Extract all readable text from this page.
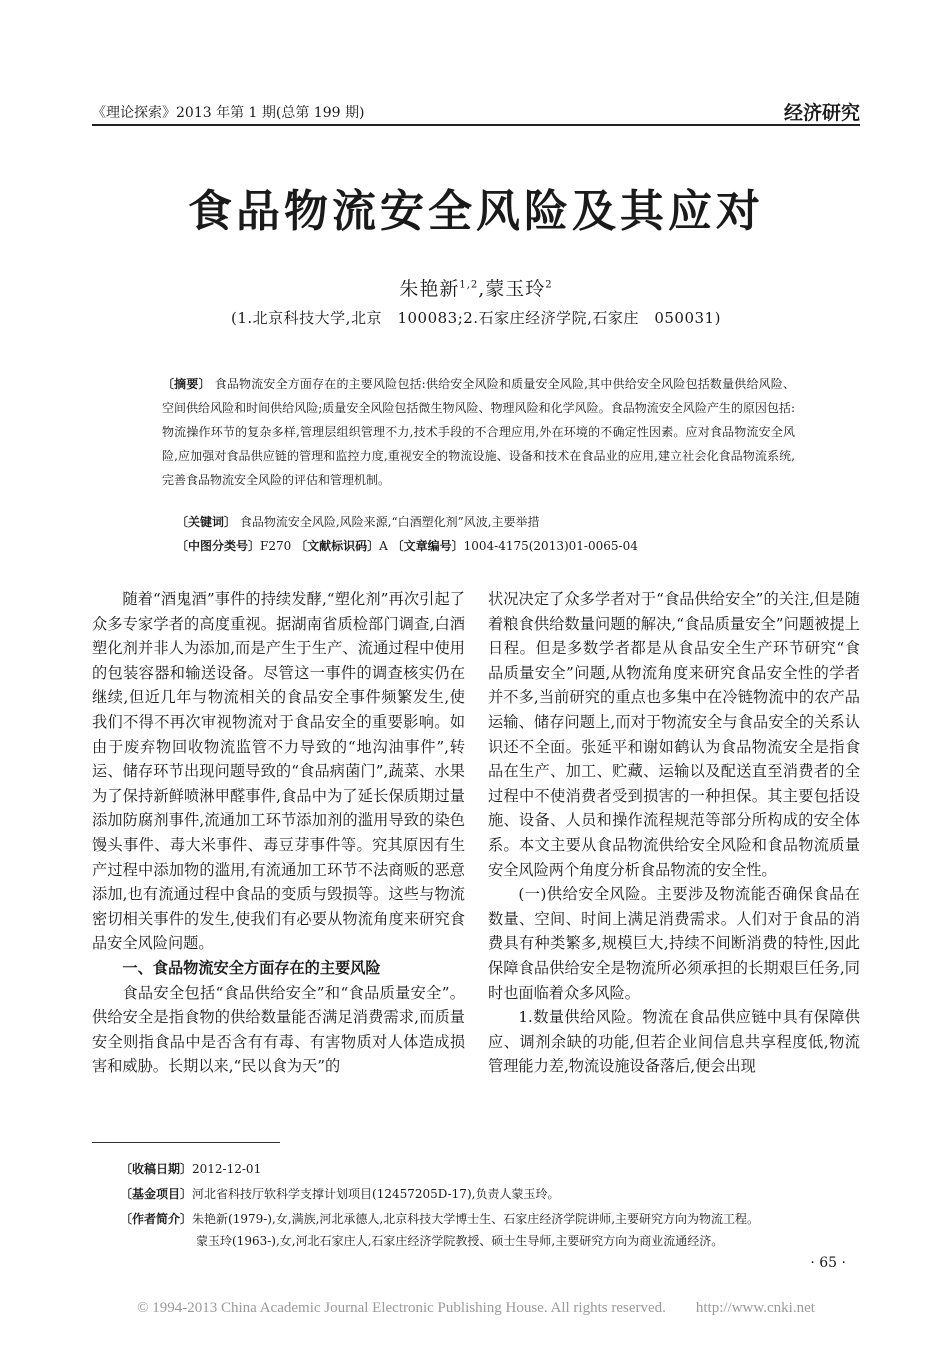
《理论探索》2013 年第 1 期(总第 199 期)	经济研究
食品物流安全风险及其应对
朱艳新$^{1,2}$,蒙玉玲$^2$
(1.北京科技大学,北京　100083;2.石家庄经济学院,石家庄　050031)
〔摘要〕 食品物流安全方面存在的主要风险包括:供给安全风险和质量安全风险,其中供给安全风险包括数量供给风险、空间供给风险和时间供给风险;质量安全风险包括微生物风险、物理风险和化学风险。食品物流安全风险产生的原因包括:物流操作环节的复杂多样,管理层组织管理不力,技术手段的不合理应用,外在环境的不确定性因素。应对食品物流安全风险,应加强对食品供应链的管理和监控力度,重视安全的物流设施、设备和技术在食品业的应用,建立社会化食品物流系统,完善食品物流安全风险的评估和管理机制。
〔关键词〕 食品物流安全风险,风险来源,“白酒塑化剂”风波,主要举措
〔中图分类号〕F270 〔文献标识码〕A 〔文章编号〕1004-4175(2013)01-0065-04

随着“酒鬼酒”事件的持续发酵,“塑化剂”再次引起了众多专家学者的高度重视。据湖南省质检部门调查,白酒塑化剂并非人为添加,而是产生于生产、流通过程中使用的包装容器和输送设备。尽管这一事件的调查核实仍在继续,但近几年与物流相关的食品安全事件频繁发生,使我们不得不再次审视物流对于食品安全的重要影响。如由于废弃物回收物流监管不力导致的“地沟油事件”,转运、储存环节出现问题导致的“食品病菌门”,蔬菜、水果为了保持新鲜喷淋甲醛事件,食品中为了延长保质期过量添加防腐剂事件,流通加工环节添加剂的滥用导致的染色馒头事件、毒大米事件、毒豆芽事件等。究其原因有生产过程中添加物的滥用,有流通加工环节不法商贩的恶意添加,也有流通过程中食品的变质与毁损等。这些与物流密切相关事件的发生,使我们有必要从物流角度来研究食品安全风险问题。

一、食品物流安全方面存在的主要风险

食品安全包括“食品供给安全”和“食品质量安全”。供给安全是指食物的供给数量能否满足消费需求,而质量安全则指食品中是否含有有毒、有害物质对人体造成损害和威胁。长期以来,“民以食为天”的

状况决定了众多学者对于“食品供给安全”的关注,但是随着粮食供给数量问题的解决,“食品质量安全”问题被提上日程。但是多数学者都是从食品安全生产环节研究“食品质量安全”问题,从物流角度来研究食品安全性的学者并不多,当前研究的重点也多集中在冷链物流中的农产品运输、储存问题上,而对于物流安全与食品安全的关系认识还不全面。张延平和谢如鹤认为食品物流安全是指食品在生产、加工、贮藏、运输以及配送直至消费者的全过程中不使消费者受到损害的一种担保。其主要包括设施、设备、人员和操作流程规范等部分所构成的安全体系。本文主要从食品物流供给安全风险和食品物流质量安全风险两个角度分析食品物流的安全性。

(一)供给安全风险。主要涉及物流能否确保食品在数量、空间、时间上满足消费需求。人们对于食品的消费具有种类繁多,规模巨大,持续不间断消费的特性,因此保障食品供给安全是物流所必须承担的长期艰巨任务,同时也面临着众多风险。

1.数量供给风险。物流在食品供应链中具有保障供应、调剂余缺的功能,但若企业间信息共享程度低,物流管理能力差,物流设施设备落后,便会出现

〔收稿日期〕2012-12-01
〔基金项目〕河北省科技厅软科学支撑计划项目(12457205D-17),负责人蒙玉玲。
〔作者简介〕朱艳新(1979-),女,满族,河北承德人,北京科技大学博士生、石家庄经济学院讲师,主要研究方向为物流工程。
蒙玉玲(1963-),女,河北石家庄人,石家庄经济学院教授、硕士生导师,主要研究方向为商业流通经济。
· 65 ·
© 1994-2013 China Academic Journal Electronic Publishing House. All rights reserved.　　http://www.cnki.net
